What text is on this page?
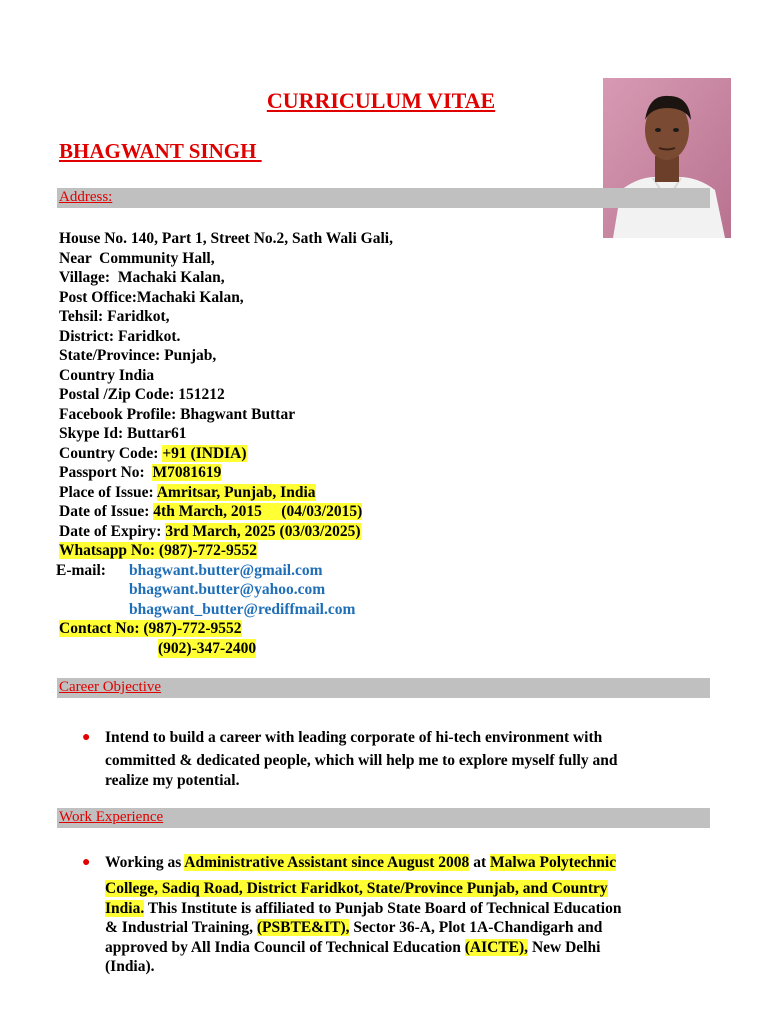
CURRICULUM VITAE
BHAGWANT SINGH
Address:
House No. 140, Part 1, Street No.2, Sath Wali Gali,
Near  Community Hall,
Village:  Machaki Kalan,
Post Office:Machaki Kalan,
Tehsil: Faridkot,
District: Faridkot.
State/Province: Punjab,
Country India
Postal /Zip Code: 151212
Facebook Profile: Bhagwant Buttar
Skype Id: Buttar61
Country Code: +91 (INDIA)
Passport No:  M7081619
Place of Issue: Amritsar, Punjab, India
Date of Issue: 4th March, 2015     (04/03/2015)
Date of Expiry: 3rd March, 2025 (03/03/2025)
Whatsapp No: (987)-772-9552
E-mail: bhagwant.butter@gmail.com
bhagwant.butter@yahoo.com
bhagwant_butter@rediffmail.com
Contact No: (987)-772-9552
(902)-347-2400
Career Objective
● Intend to build a career with leading corporate of hi-tech environment with
committed & dedicated people, which will help me to explore myself fully and
realize my potential.
Work Experience
● Working as Administrative Assistant since August 2008 at Malwa Polytechnic
College, Sadiq Road, District Faridkot, State/Province Punjab, and Country
India. This Institute is affiliated to Punjab State Board of Technical Education
& Industrial Training, (PSBTE&IT), Sector 36-A, Plot 1A-Chandigarh and
approved by All India Council of Technical Education (AICTE), New Delhi
(India).
